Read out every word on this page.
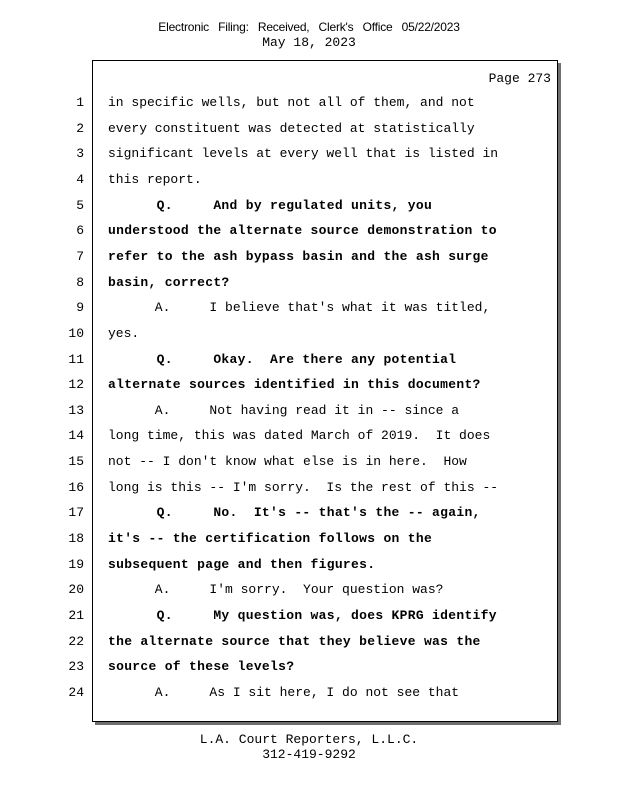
Electronic Filing: Received, Clerk's Office 05/22/2023
May 18, 2023
Page 273
1 in specific wells, but not all of them, and not
2 every constituent was detected at statistically
3 significant levels at every well that is listed in
4 this report.
5 Q.     And by regulated units, you
6 understood the alternate source demonstration to
7 refer to the ash bypass basin and the ash surge
8 basin, correct?
9 A.     I believe that's what it was titled,
10 yes.
11 Q.     Okay.  Are there any potential
12 alternate sources identified in this document?
13 A.     Not having read it in -- since a
14 long time, this was dated March of 2019.  It does
15 not -- I don't know what else is in here.  How
16 long is this -- I'm sorry.  Is the rest of this --
17 Q.     No.  It's -- that's the -- again,
18 it's -- the certification follows on the
19 subsequent page and then figures.
20 A.     I'm sorry.  Your question was?
21 Q.     My question was, does KPRG identify
22 the alternate source that they believe was the
23 source of these levels?
24 A.     As I sit here, I do not see that
L.A. Court Reporters, L.L.C.
312-419-9292
